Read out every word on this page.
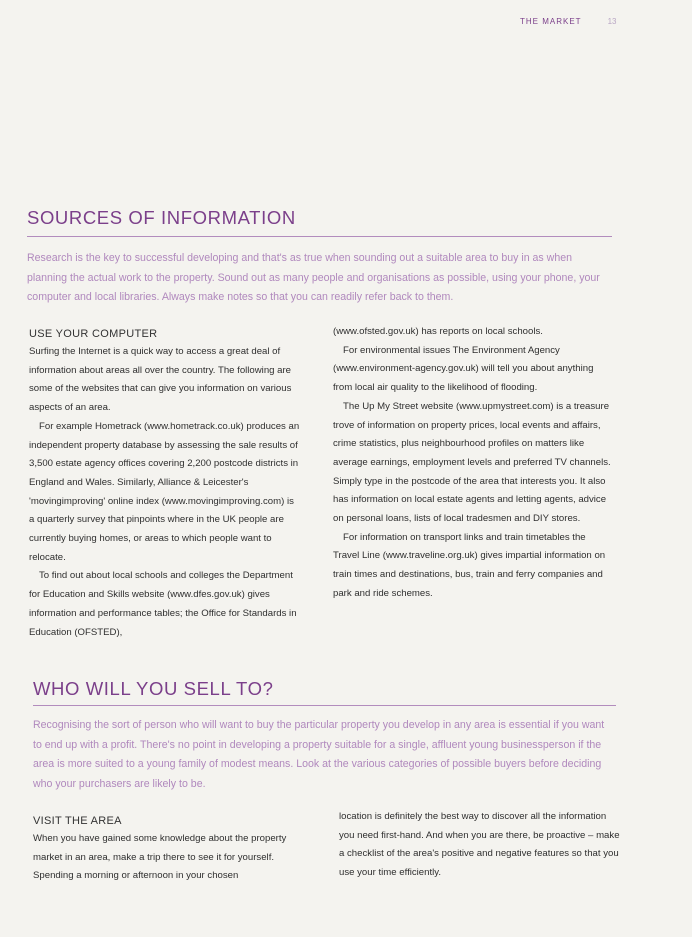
THE MARKET	13
SOURCES OF INFORMATION

Research is the key to successful developing and that's as true when sounding out a suitable area to buy in as when planning the actual work to the property. Sound out as many people and organisations as possible, using your phone, your computer and local libraries. Always make notes so that you can readily refer back to them.

USE YOUR COMPUTER

Surfing the Internet is a quick way to access a great deal of information about areas all over the country. The following are some of the websites that can give you information on various aspects of an area.

For example Hometrack (www.hometrack.co.uk) produces an independent property database by assessing the sale results of 3,500 estate agency offices covering 2,200 postcode districts in England and Wales. Similarly, Alliance & Leicester's 'movingimproving' online index (www.movingimproving.com) is a quarterly survey that pinpoints where in the UK people are currently buying homes, or areas to which people want to relocate.

To find out about local schools and colleges the Department for Education and Skills website (www.dfes.gov.uk) gives information and performance tables; the Office for Standards in Education (OFSTED),

(www.ofsted.gov.uk) has reports on local schools.

For environmental issues The Environment Agency (www.environment-agency.gov.uk) will tell you about anything from local air quality to the likelihood of flooding.

The Up My Street website (www.upmystreet.com) is a treasure trove of information on property prices, local events and affairs, crime statistics, plus neighbourhood profiles on matters like average earnings, employment levels and preferred TV channels. Simply type in the postcode of the area that interests you. It also has information on local estate agents and letting agents, advice on personal loans, lists of local tradesmen and DIY stores.

For information on transport links and train timetables the Travel Line (www.traveline.org.uk) gives impartial information on train times and destinations, bus, train and ferry companies and park and ride schemes.

WHO WILL YOU SELL TO?

Recognising the sort of person who will want to buy the particular property you develop in any area is essential if you want to end up with a profit. There's no point in developing a property suitable for a single, affluent young businessperson if the area is more suited to a young family of modest means. Look at the various categories of possible buyers before deciding who your purchasers are likely to be.

VISIT THE AREA

When you have gained some knowledge about the property market in an area, make a trip there to see it for yourself. Spending a morning or afternoon in your chosen

location is definitely the best way to discover all the information you need first-hand. And when you are there, be proactive – make a checklist of the area's positive and negative features so that you use your time efficiently.
